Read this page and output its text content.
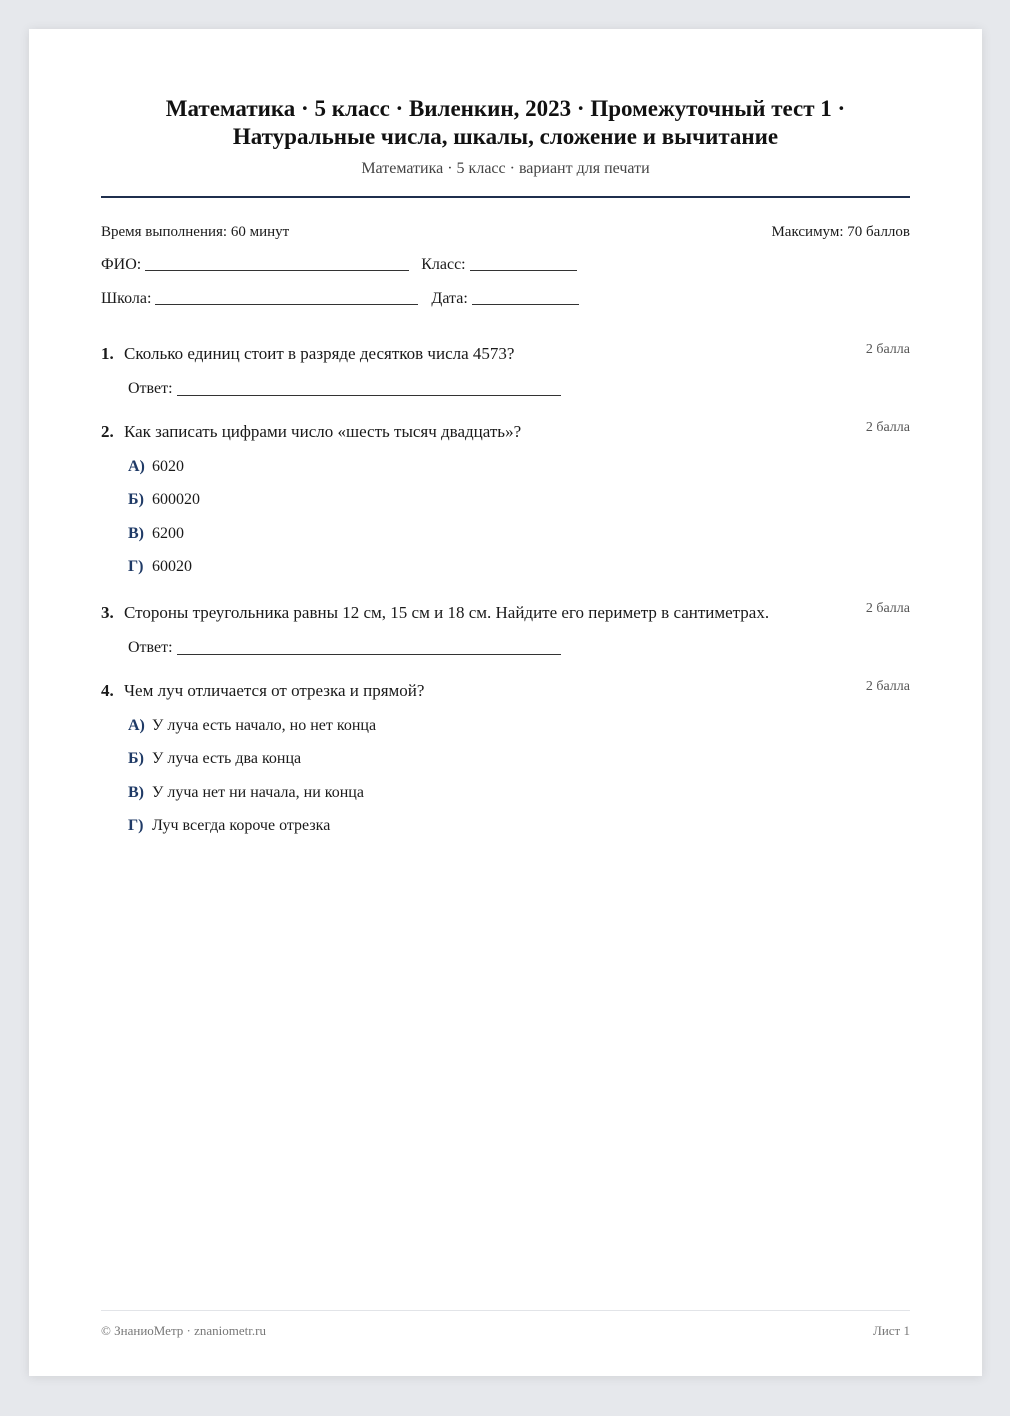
Математика · 5 класс · Виленкин, 2023 · Промежуточный тест 1 ·
Натуральные числа, шкалы, сложение и вычитание
Математика · 5 класс · вариант для печати
Время выполнения: 60 минут	Максимум: 70 баллов
ФИО:	Класс:
Школа:	Дата:
1. Сколько единиц стоит в разряде десятков числа 4573?	2 балла
Ответ:
2. Как записать цифрами число «шесть тысяч двадцать»?	2 балла
А) 6020
Б) 600020
В) 6200
Г) 60020
3. Стороны треугольника равны 12 см, 15 см и 18 см. Найдите его периметр в сантиметрах.	2 балла
Ответ:
4. Чем луч отличается от отрезка и прямой?	2 балла
А) У луча есть начало, но нет конца
Б) У луча есть два конца
В) У луча нет ни начала, ни конца
Г) Луч всегда короче отрезка
© ЗнаниоМетр · znaniometr.ru	Лист 1
